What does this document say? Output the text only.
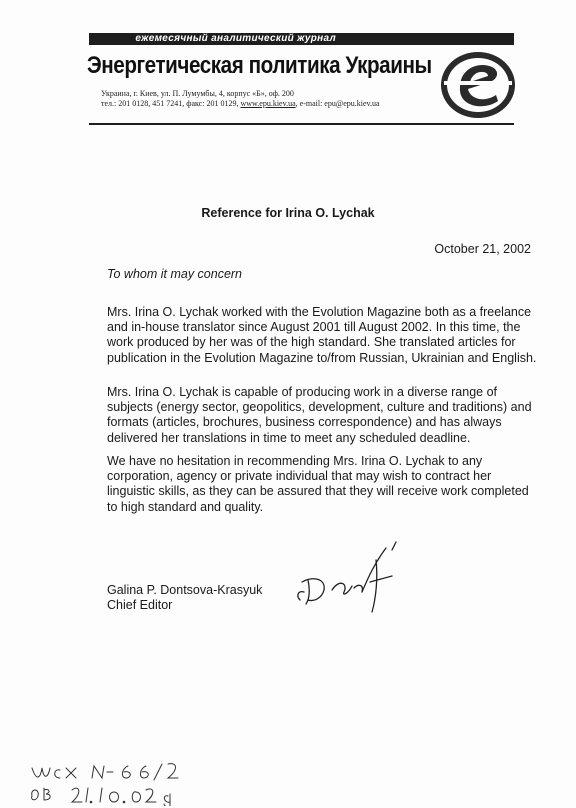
ежемесячный аналитический журнал
Энергетическая политика Украины
Украина, г. Киев, ул. П. Лумумбы, 4, корпус «Б», оф. 200
тел.: 201 0128, 451 7241, факс: 201 0129, www.epu.kiev.ua, e-mail: epu@epu.kiev.ua
Reference for Irina O. Lychak
October 21, 2002
To whom it may concern

Mrs. Irina O. Lychak worked with the Evolution Magazine both as a freelance and in-house translator since August 2001 till August 2002. In this time, the work produced by her was of the high standard. She translated articles for publication in the Evolution Magazine to/from Russian, Ukrainian and English.

Mrs. Irina O. Lychak is capable of producing work in a diverse range of subjects (energy sector, geopolitics, development, culture and traditions) and formats (articles, brochures, business correspondence) and has always delivered her translations in time to meet any scheduled deadline.

We have no hesitation in recommending Mrs. Irina O. Lychak to any corporation, agency or private individual that may wish to contract her linguistic skills, as they can be assured that they will receive work completed to high standard and quality.

Galina P. Dontsova-Krasyuk
Chief Editor
